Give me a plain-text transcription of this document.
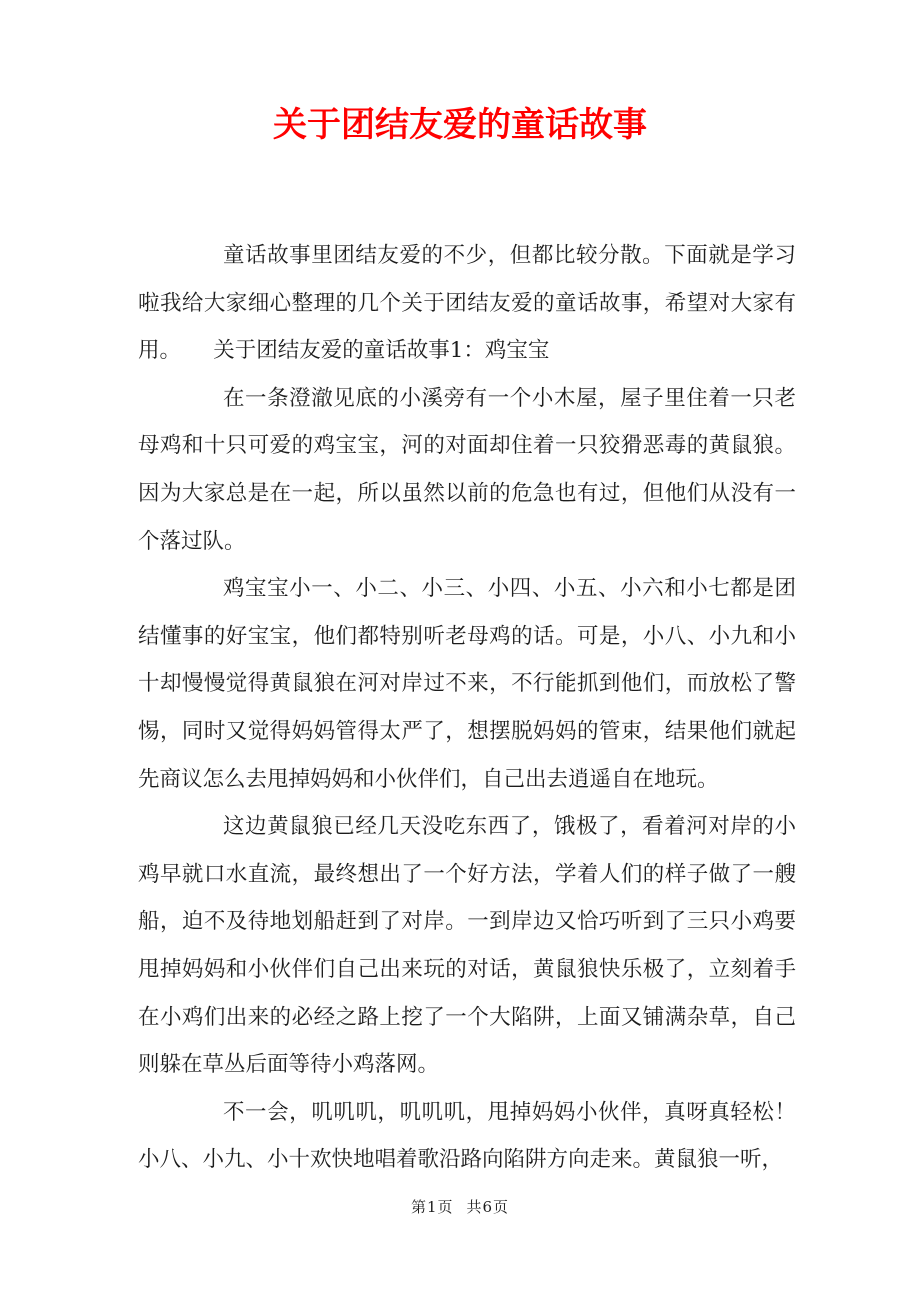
关于团结友爱的童话故事

童话故事里团结友爱的不少，但都比较分散。下面就是学习啦我给大家细心整理的几个关于团结友爱的童话故事，希望对大家有用。　　关于团结友爱的童话故事1：鸡宝宝

在一条澄澈见底的小溪旁有一个小木屋，屋子里住着一只老母鸡和十只可爱的鸡宝宝，河的对面却住着一只狡猾恶毒的黄鼠狼。因为大家总是在一起，所以虽然以前的危急也有过，但他们从没有一个落过队。

鸡宝宝小一、小二、小三、小四、小五、小六和小七都是团结懂事的好宝宝，他们都特别听老母鸡的话。可是，小八、小九和小十却慢慢觉得黄鼠狼在河对岸过不来，不行能抓到他们，而放松了警惕，同时又觉得妈妈管得太严了，想摆脱妈妈的管束，结果他们就起先商议怎么去甩掉妈妈和小伙伴们，自己出去逍遥自在地玩。

这边黄鼠狼已经几天没吃东西了，饿极了，看着河对岸的小鸡早就口水直流，最终想出了一个好方法，学着人们的样子做了一艘船，迫不及待地划船赶到了对岸。一到岸边又恰巧听到了三只小鸡要甩掉妈妈和小伙伴们自己出来玩的对话，黄鼠狼快乐极了，立刻着手在小鸡们出来的必经之路上挖了一个大陷阱，上面又铺满杂草，自己则躲在草丛后面等待小鸡落网。

不一会，叽叽叽，叽叽叽，甩掉妈妈小伙伴，真呀真轻松！小八、小九、小十欢快地唱着歌沿路向陷阱方向走来。黄鼠狼一听，

第1页 共6页
